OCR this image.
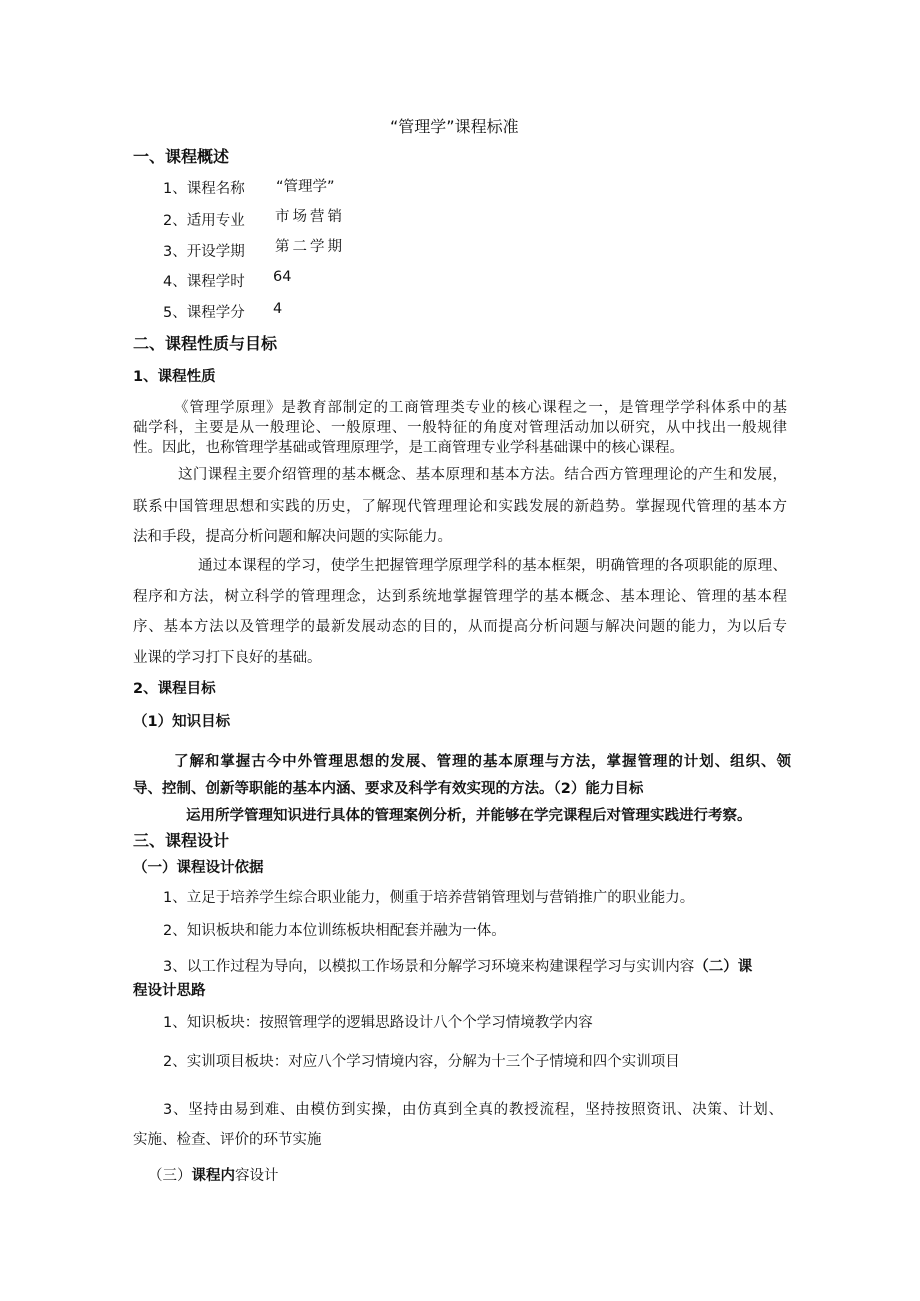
“管理学”课程标准
一、课程概述
1、课程名称 “管理学”
2、适用专业 市场营销
3、开设学期 第二学期
4、课程学时 64
5、课程学分 4
二、课程性质与目标
1、课程性质
《管理学原理》是教育部制定的工商管理类专业的核心课程之一，是管理学学科体系中的基
础学科，主要是从一般理论、一般原理、一般特征的角度对管理活动加以研究，从中找出一般规律
性。因此，也称管理学基础或管理原理学，是工商管理专业学科基础课中的核心课程。
这门课程主要介绍管理的基本概念、基本原理和基本方法。结合西方管理理论的产生和发展，
联系中国管理思想和实践的历史，了解现代管理理论和实践发展的新趋势。掌握现代管理的基本方
法和手段，提高分析问题和解决问题的实际能力。
通过本课程的学习，使学生把握管理学原理学科的基本框架，明确管理的各项职能的原理、
程序和方法，树立科学的管理理念，达到系统地掌握管理学的基本概念、基本理论、管理的基本程
序、基本方法以及管理学的最新发展动态的目的，从而提高分析问题与解决问题的能力，为以后专
业课的学习打下良好的基础。
2、课程目标
（1）知识目标
了解和掌握古今中外管理思想的发展、管理的基本原理与方法，掌握管理的计划、组织、领
导、控制、创新等职能的基本内涵、要求及科学有效实现的方法。（2）能力目标
运用所学管理知识进行具体的管理案例分析，并能够在学完课程后对管理实践进行考察。
三、课程设计
（一）课程设计依据
1、立足于培养学生综合职业能力，侧重于培养营销管理划与营销推广的职业能力。
2、知识板块和能力本位训练板块相配套并融为一体。
3、以工作过程为导向，以模拟工作场景和分解学习环境来构建课程学习与实训内容（二）课
程设计思路
1、知识板块：按照管理学的逻辑思路设计八个个学习情境教学内容
2、实训项目板块：对应八个学习情境内容，分解为十三个子情境和四个实训项目
3、坚持由易到难、由模仿到实操，由仿真到全真的教授流程，坚持按照资讯、决策、计划、
实施、检查、评价的环节实施
（三）课程内容设计
